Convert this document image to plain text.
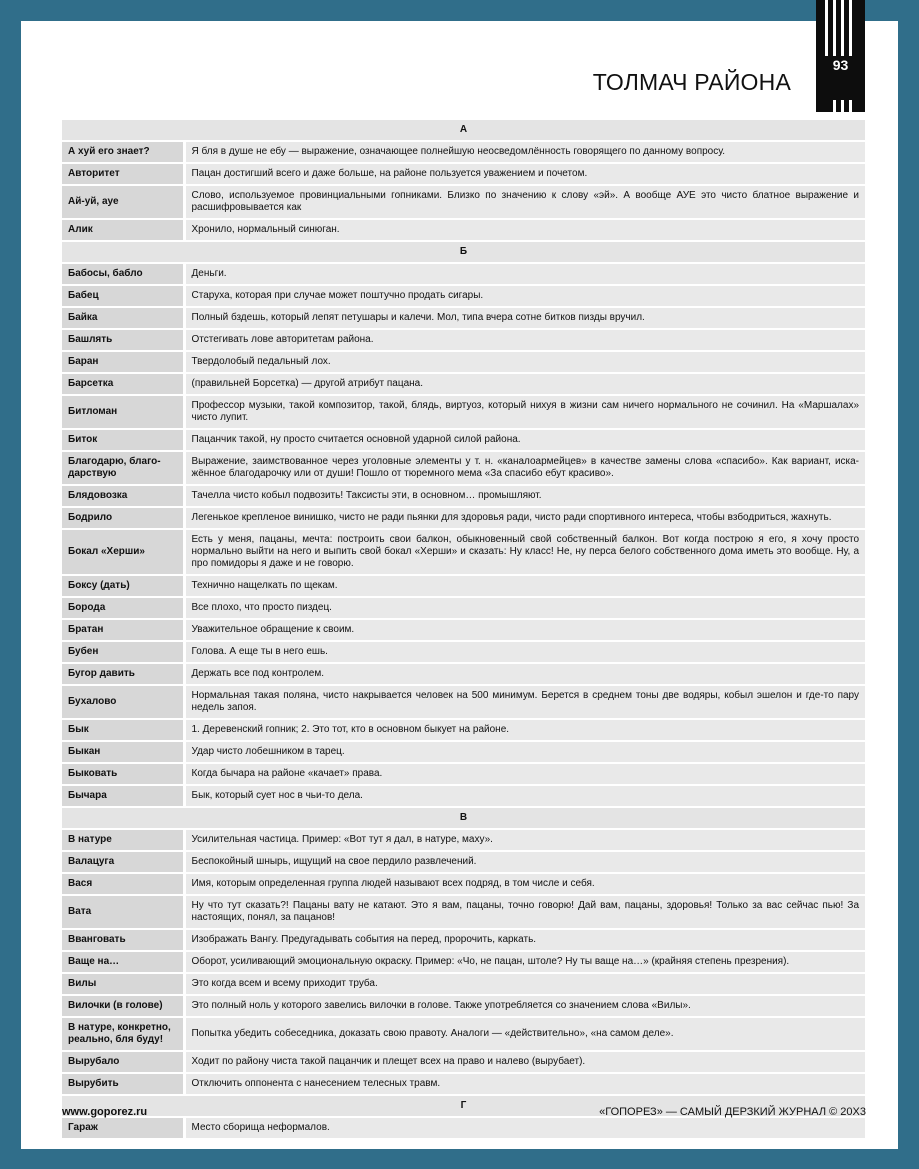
93
ТОЛМАЧ РАЙОНА
А	
А хуй его знает?	Я бля в душе не ебу — выражение, означающее полнейшую неосведомлённость говорящего по данному вопросу.
Авторитет	Пацан достигший всего и даже больше, на районе пользуется уважением и почетом.
Ай-уй, ауе	Слово, используемое провинциальными гопниками. Близко по значению к слову «эй». А вообще АУЕ это чисто блатное выражение и расшифровывается как
Алик	Хронило, нормальный синюган.
Б	
Бабосы, бабло	Деньги.
Бабец	Старуха, которая при случае может поштучно продать сигары.
Байка	Полный бздешь, который лепят петушары и калечи. Мол, типа вчера сотне битков пизды вручил.
Башлять	Отстегивать лове авторитетам района.
Баран	Твердолобый педальный лох.
Барсетка	(правильней Борсетка) — другой атрибут пацана.
Битломан	Профессор музыки, такой композитор, такой, блядь, виртуоз, который нихуя в жизни сам ничего нормального не сочинил. На «Маршалах» чисто лупит.
Биток	Пацанчик такой, ну просто считается основной ударной силой района.
Благодарю, благо-дарствую	Выражение, заимствованное через уголовные элементы у т. н. «каналоармейцев» в качестве замены слова «спасибо». Как вариант, иска-жённое благодарочку или от души! Пошло от тюремного мема «За спасибо ебут красиво».
Блядовозка	Тачелла чисто кобыл подвозить! Таксисты эти, в основном… промышляют.
Бодрило	Легенькое крепленое винишко, чисто не ради пьянки для здоровья ради, чисто ради спортивного интереса, чтобы взбодриться, жахнуть.
Бокал «Херши»	Есть у меня, пацаны, мечта: построить свои балкон, обыкновенный свой собственный балкон. Вот когда построю я его, я хочу просто нормально выйти на него и выпить свой бокал «Херши» и сказать: Ну класс! Не, ну перса белого собственного дома иметь это вообще. Ну, а про помидоры я даже и не говорю.
Боксу (дать)	Технично нащелкать по щекам.
Борода	Все плохо, что просто пиздец.
Братан	Уважительное обращение к своим.
Бубен	Голова. А еще ты в него ешь.
Бугор давить	Держать все под контролем.
Бухалово	Нормальная такая поляна, чисто накрывается человек на 500 минимум. Берется в среднем тоны две водяры, кобыл эшелон и где-то пару недель запоя.
Бык	1. Деревенский гопник; 2. Это тот, кто в основном быкует на районе.
Быкан	Удар чисто лобешником в тарец.
Быковать	Когда бычара на районе «качает» права.
Бычара	Бык, который сует нос в чьи-то дела.
В	
В натуре	Усилительная частица. Пример: «Вот тут я дал, в натуре, маху».
Валацуга	Беспокойный шнырь, ищущий на свое пердило развлечений.
Вася	Имя, которым определенная группа людей называют всех подряд, в том числе и себя.
Вата	Ну что тут сказать?! Пацаны вату не катают. Это я вам, пацаны, точно говорю! Дай вам, пацаны, здоровья! Только за вас сейчас пью! За настоящих, понял, за пацанов!
Вванговать	Изображать Вангу. Предугадывать события на перед, пророчить, каркать.
Ваще на…	Оборот, усиливающий эмоциональную окраску. Пример: «Чо, не пацан, штоле? Ну ты ваще на…» (крайняя степень презрения).
Вилы	Это когда всем и всему приходит труба.
Вилочки (в голове)	Это полный ноль у которого завелись вилочки в голове. Также употребляется со значением слова «Вилы».
В натуре, конкретно, реально, бля буду!	Попытка убедить собеседника, доказать свою правоту. Аналоги — «действительно», «на самом деле».
Вырубало	Ходит по району чиста такой пацанчик и плещет всех на право и налево (вырубает).
Вырубить	Отключить оппонента с нанесением телесных травм.
Г	
Гараж	Место сборища неформалов.
www.goporez.ru	«ГОПОРЕЗ» — САМЫЙ ДЕРЗКИЙ ЖУРНАЛ © 20Х3
